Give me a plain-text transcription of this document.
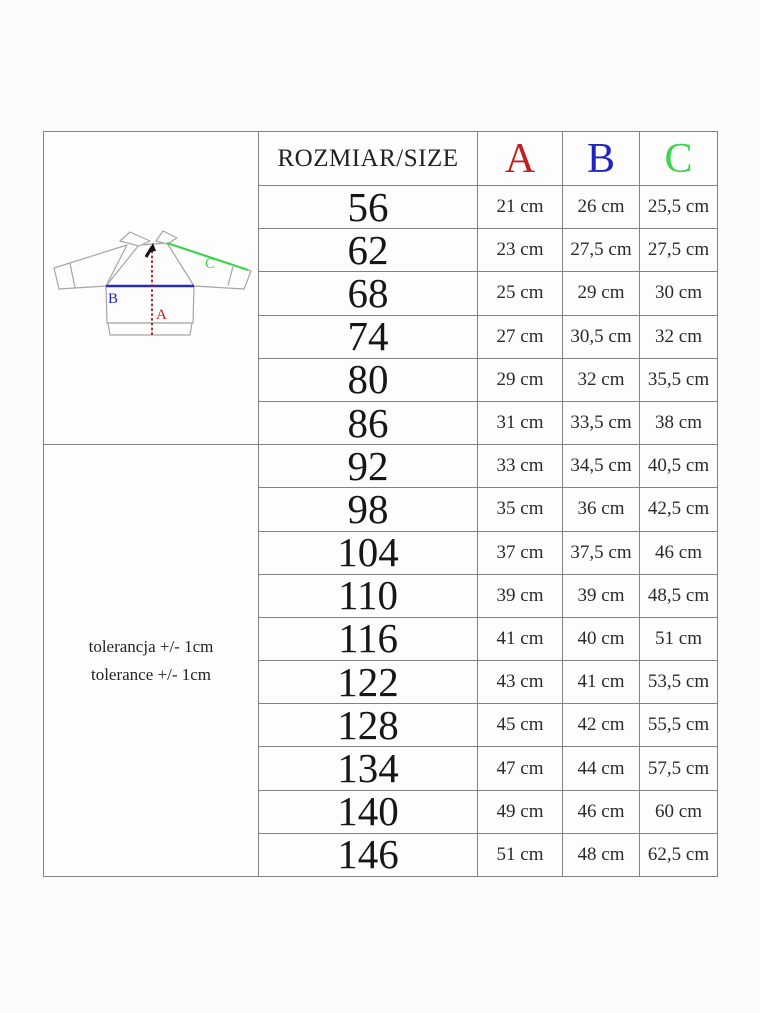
B
A
C	ROZMIAR/SIZE	A	B	C
	56	21 cm	26 cm	25,5 cm
	62	23 cm	27,5 cm	27,5 cm
	68	25 cm	29 cm	30 cm
	74	27 cm	30,5 cm	32 cm
	80	29 cm	32 cm	35,5 cm
	86	31 cm	33,5 cm	38 cm

tolerancja +/- 1cm
tolerance +/- 1cm	92	33 cm	34,5 cm	40,5 cm
	98	35 cm	36 cm	42,5 cm
	104	37 cm	37,5 cm	46 cm
	110	39 cm	39 cm	48,5 cm
	116	41 cm	40 cm	51 cm
	122	43 cm	41 cm	53,5 cm
	128	45 cm	42 cm	55,5 cm
	134	47 cm	44 cm	57,5 cm
	140	49 cm	46 cm	60 cm
	146	51 cm	48 cm	62,5 cm
